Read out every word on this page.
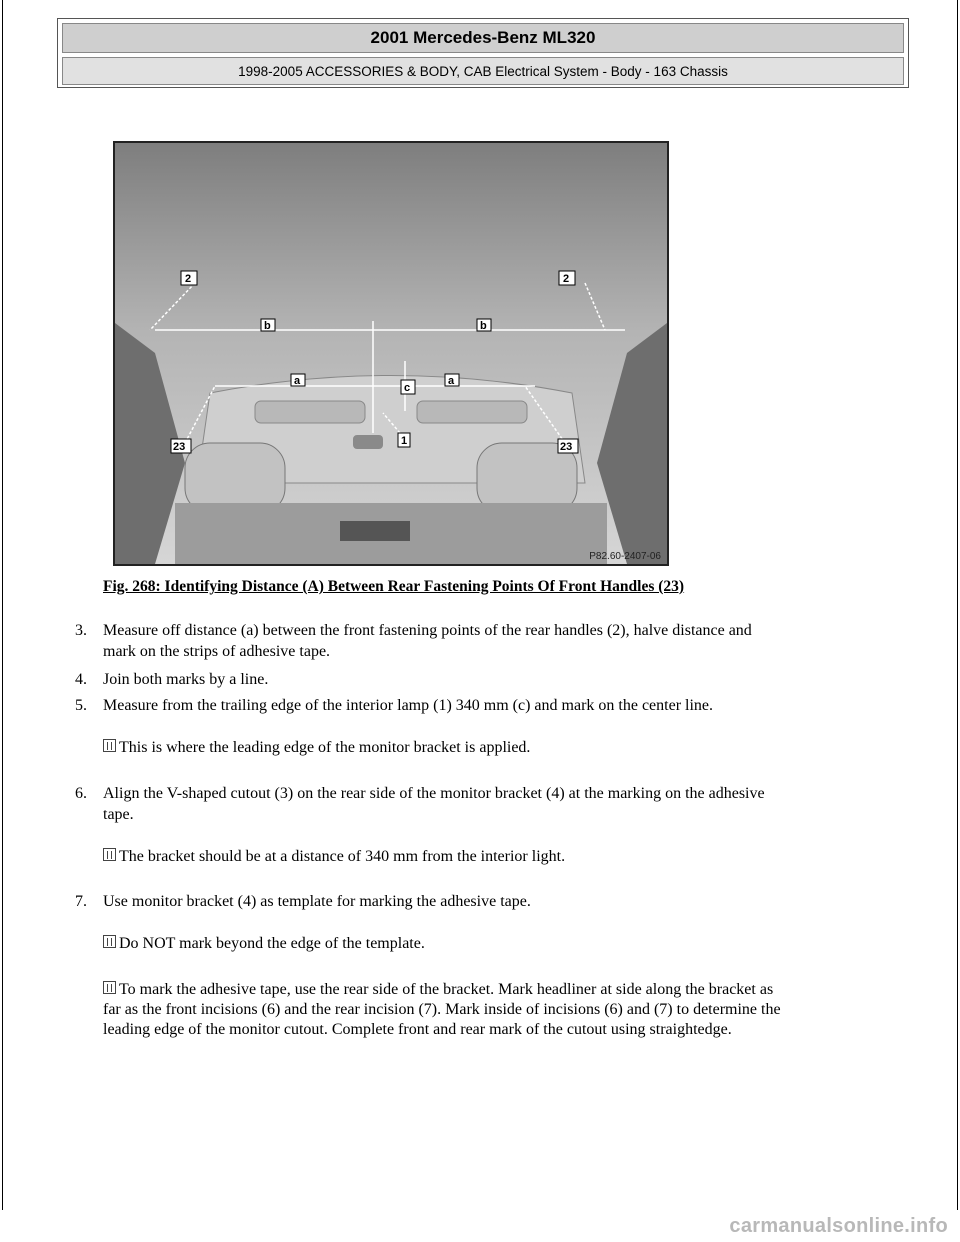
2001 Mercedes-Benz ML320
1998-2005 ACCESSORIES & BODY, CAB Electrical System - Body - 163 Chassis
2	2
b	b
a	a
c
1
23	23
P82.60-2407-06
Fig. 268: Identifying Distance (A) Between Rear Fastening Points Of Front Handles (23)
3. Measure off distance (a) between the front fastening points of the rear handles (2), halve distance and
mark on the strips of adhesive tape.
4. Join both marks by a line.
5. Measure from the trailing edge of the interior lamp (1) 340 mm (c) and mark on the center line.
This is where the leading edge of the monitor bracket is applied.
6. Align the V-shaped cutout (3) on the rear side of the monitor bracket (4) at the marking on the adhesive
tape.
The bracket should be at a distance of 340 mm from the interior light.
7. Use monitor bracket (4) as template for marking the adhesive tape.
Do NOT mark beyond the edge of the template.
To mark the adhesive tape, use the rear side of the bracket. Mark headliner at side along the bracket as
far as the front incisions (6) and the rear incision (7). Mark inside of incisions (6) and (7) to determine the
leading edge of the monitor cutout. Complete front and rear mark of the cutout using straightedge.
carmanualsonline.info
